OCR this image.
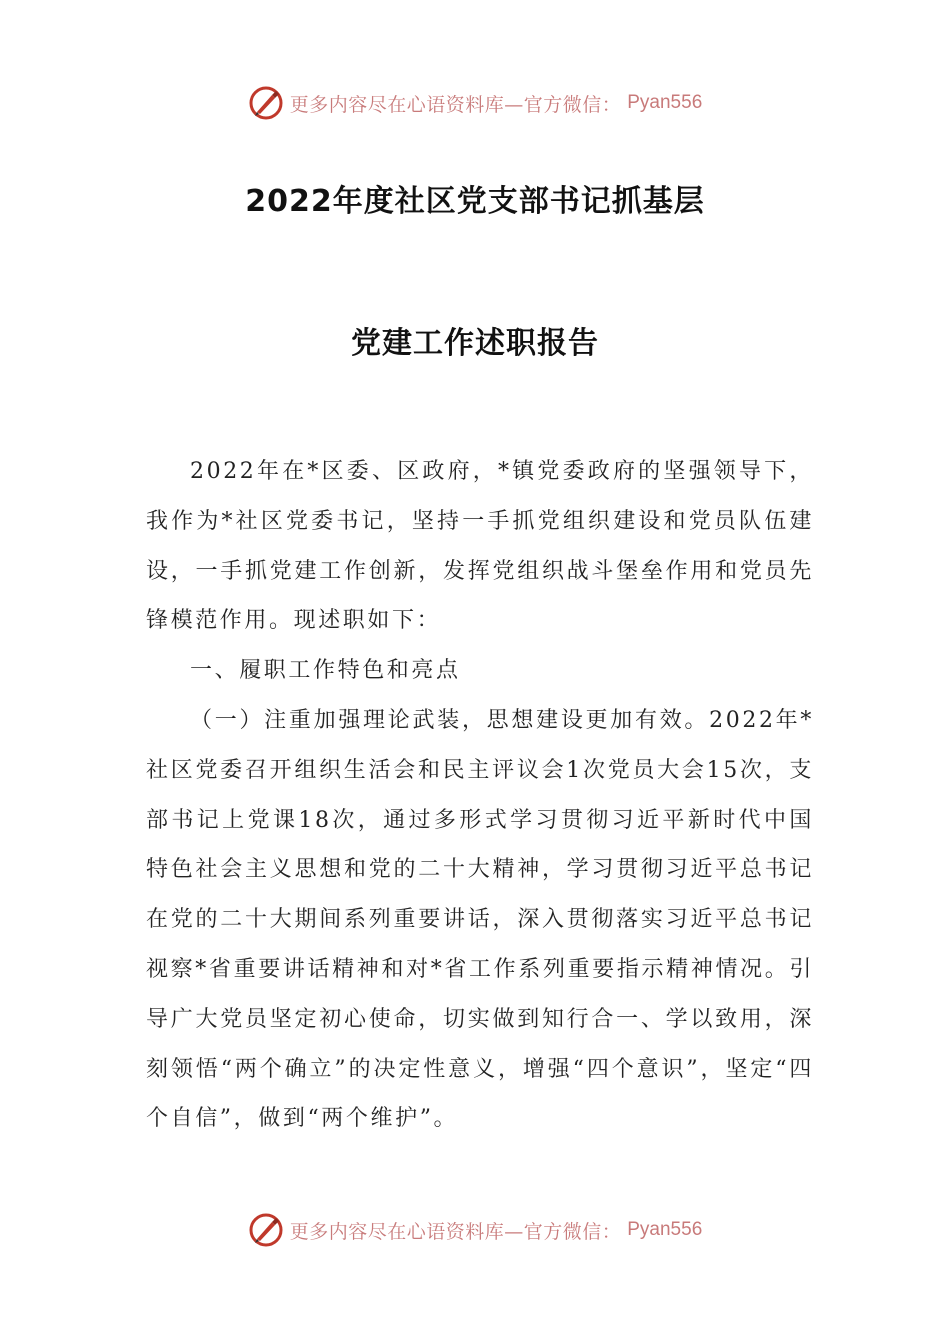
更多内容尽在心语资料库—官方微信： Pyan556
2022年度社区党支部书记抓基层
党建工作述职报告

2022年在*区委、区政府，*镇党委政府的坚强领导下，我作为*社区党委书记，坚持一手抓党组织建设和党员队伍建设，一手抓党建工作创新，发挥党组织战斗堡垒作用和党员先锋模范作用。现述职如下：

一、履职工作特色和亮点

（一）注重加强理论武装，思想建设更加有效。2022年*社区党委召开组织生活会和民主评议会1次党员大会15次，支部书记上党课18次，通过多形式学习贯彻习近平新时代中国特色社会主义思想和党的二十大精神，学习贯彻习近平总书记在党的二十大期间系列重要讲话，深入贯彻落实习近平总书记视察*省重要讲话精神和对*省工作系列重要指示精神情况。引导广大党员坚定初心使命，切实做到知行合一、学以致用，深刻领悟“两个确立”的决定性意义，增强“四个意识”，坚定“四个自信”，做到“两个维护”。

更多内容尽在心语资料库—官方微信： Pyan556
